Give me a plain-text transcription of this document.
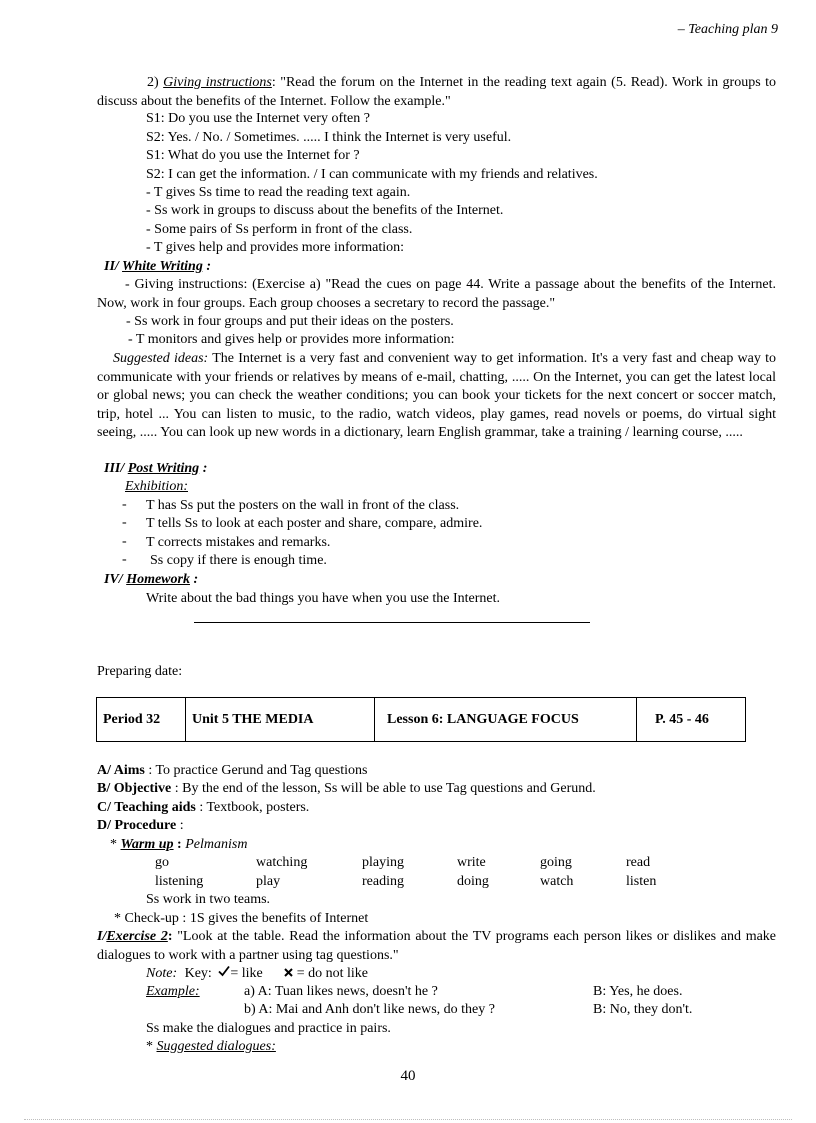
– Teaching plan 9
2) Giving instructions: "Read the forum on the Internet in the reading text again (5. Read). Work in groups to discuss about the benefits of the Internet. Follow the example."
S1: Do you use the Internet very often ?
S2: Yes. / No. / Sometimes. ..... I think the Internet is very useful.
S1: What do you use the Internet for ?
S2: I can get the information. / I can communicate with my friends and relatives.
- T gives Ss time to read the reading text again.
- Ss work in groups to discuss about the benefits of the Internet.
- Some pairs of Ss perform in front of the class.
- T gives help and provides more information:
II/ White Writing :
- Giving instructions: (Exercise a) "Read the cues on page 44. Write a passage about the benefits of the Internet. Now, work in four groups. Each group chooses a secretary to record the passage."
- Ss work in four groups and put their ideas on the posters.
- T monitors and gives help or provides more information:
Suggested ideas: The Internet is a very fast and convenient way to get information. It's a very fast and cheap way to communicate with your friends or relatives by means of e-mail, chatting, ..... On the Internet, you can get the latest local or global news; you can check the weather conditions; you can book your tickets for the next concert or soccer match, trip, hotel ... You can listen to music, to the radio, watch videos, play games, read novels or poems, do virtual sight seeing, ..... You can look up new words in a dictionary, learn English grammar, take a training / learning course, .....
III/ Post Writing :
Exhibition:
- T has Ss put the posters on the wall in front of the class.
- T tells Ss to look at each poster and share, compare, admire.
- T corrects mistakes and remarks.
- Ss copy if there is enough time.
IV/ Homework :
Write about the bad things you have when you use the Internet.
Preparing date:
Period 32	Unit 5 THE MEDIA	Lesson 6: LANGUAGE FOCUS	P. 45 - 46
A/ Aims : To practice Gerund and Tag questions
B/ Objective : By the end of the lesson, Ss will be able to use Tag questions and Gerund.
C/ Teaching aids : Textbook, posters.
D/ Procedure :
* Warm up : Pelmanism
go	watching	playing	write	going	read
listening	play	reading	doing	watch	listen
Ss work in two teams.
* Check-up : 1S gives the benefits of Internet
I/Exercise 2: "Look at the table. Read the information about the TV programs each person likes or dislikes and make dialogues to work with a partner using tag questions."
Note: Key: = like = do not like
Example:	a) A: Tuan likes news, doesn't he ?	B: Yes, he does.
b) A: Mai and Anh don't like news, do they ?	B: No, they don't.
Ss make the dialogues and practice in pairs.
* Suggested dialogues:
40
